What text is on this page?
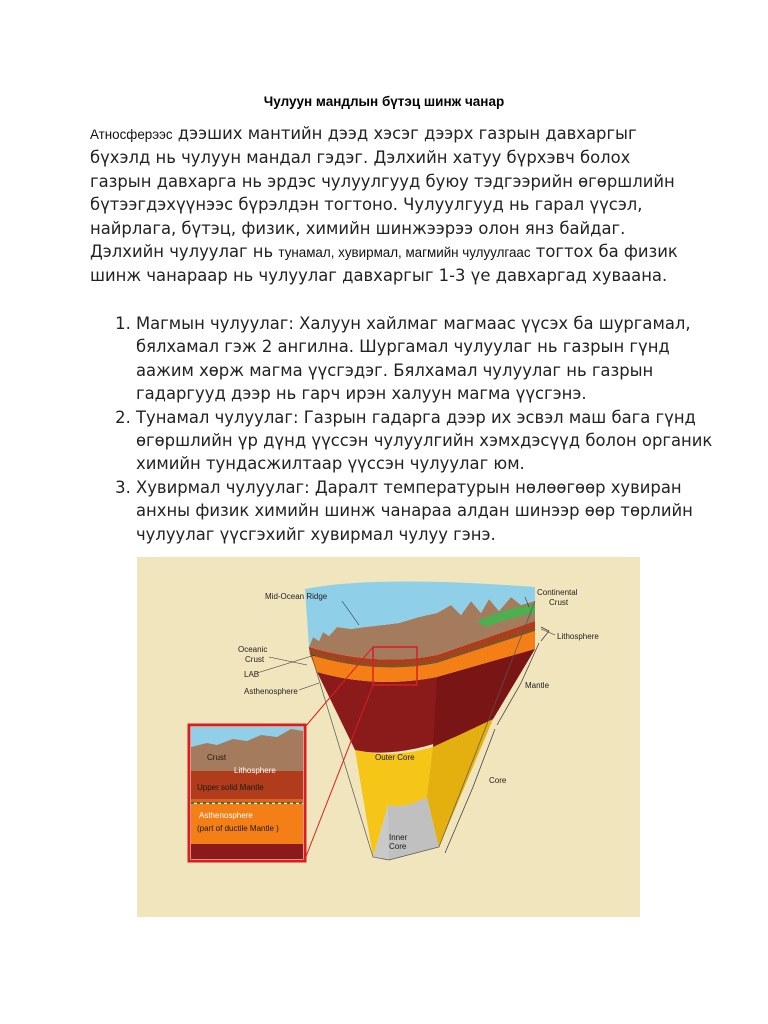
Чулуун мандлын бүтэц шинж чанар
Атносферээс дээших мантийн дээд хэсэг дээрх газрын давхаргыг бүхэлд нь чулуун мандал гэдэг. Дэлхийн хатуу бүрхэвч болох газрын давхарга нь эрдэс чулуулгууд буюу тэдгээрийн өгөршлийн бүтээгдэхүүнээс бүрэлдэн тогтоно. Чулуулгууд нь гарал үүсэл, найрлага, бүтэц, физик, химийн шинжээрээ олон янз байдаг. Дэлхийн чулуулаг нь тунамал, хувирмал, магмийн чулуулгаас тогтох ба физик шинж чанараар нь чулуулаг давхаргыг 1-3 үе давхаргад хуваана.
1. Магмын чулуулаг: Халуун хайлмаг магмаас үүсэх ба шургамал, бялхамал гэж 2 ангилна. Шургамал чулуулаг нь газрын гүнд аажим хөрж магма үүсгэдэг. Бялхамал чулуулаг нь газрын гадаргууд дээр нь гарч ирэн халуун магма үүсгэнэ.
2. Тунамал чулуулаг: Газрын гадарга дээр их эсвэл маш бага гүнд өгөршлийн үр дүнд үүссэн чулуулгийн хэмхдэсүүд болон органик химийн тундасжилтаар үүссэн чулуулаг юм.
3. Хувирмал чулуулаг: Даралт температурын нөлөөгөөр хувиран анхны физик химийн шинж чанараа алдан шинээр өөр төрлийн чулуулаг үүсгэхийг хувирмал чулуу гэнэ.
Crust
Lithosphere
Upper solid Mantle
Asthenosphere
(part of ductile Mantle )
Mid-Ocean Ridge	Continental
Crust
Lithosphere
Oceanic
Crust
LAB
Asthenosphere
Mantle
Outer Core
Core
Inner
Core
